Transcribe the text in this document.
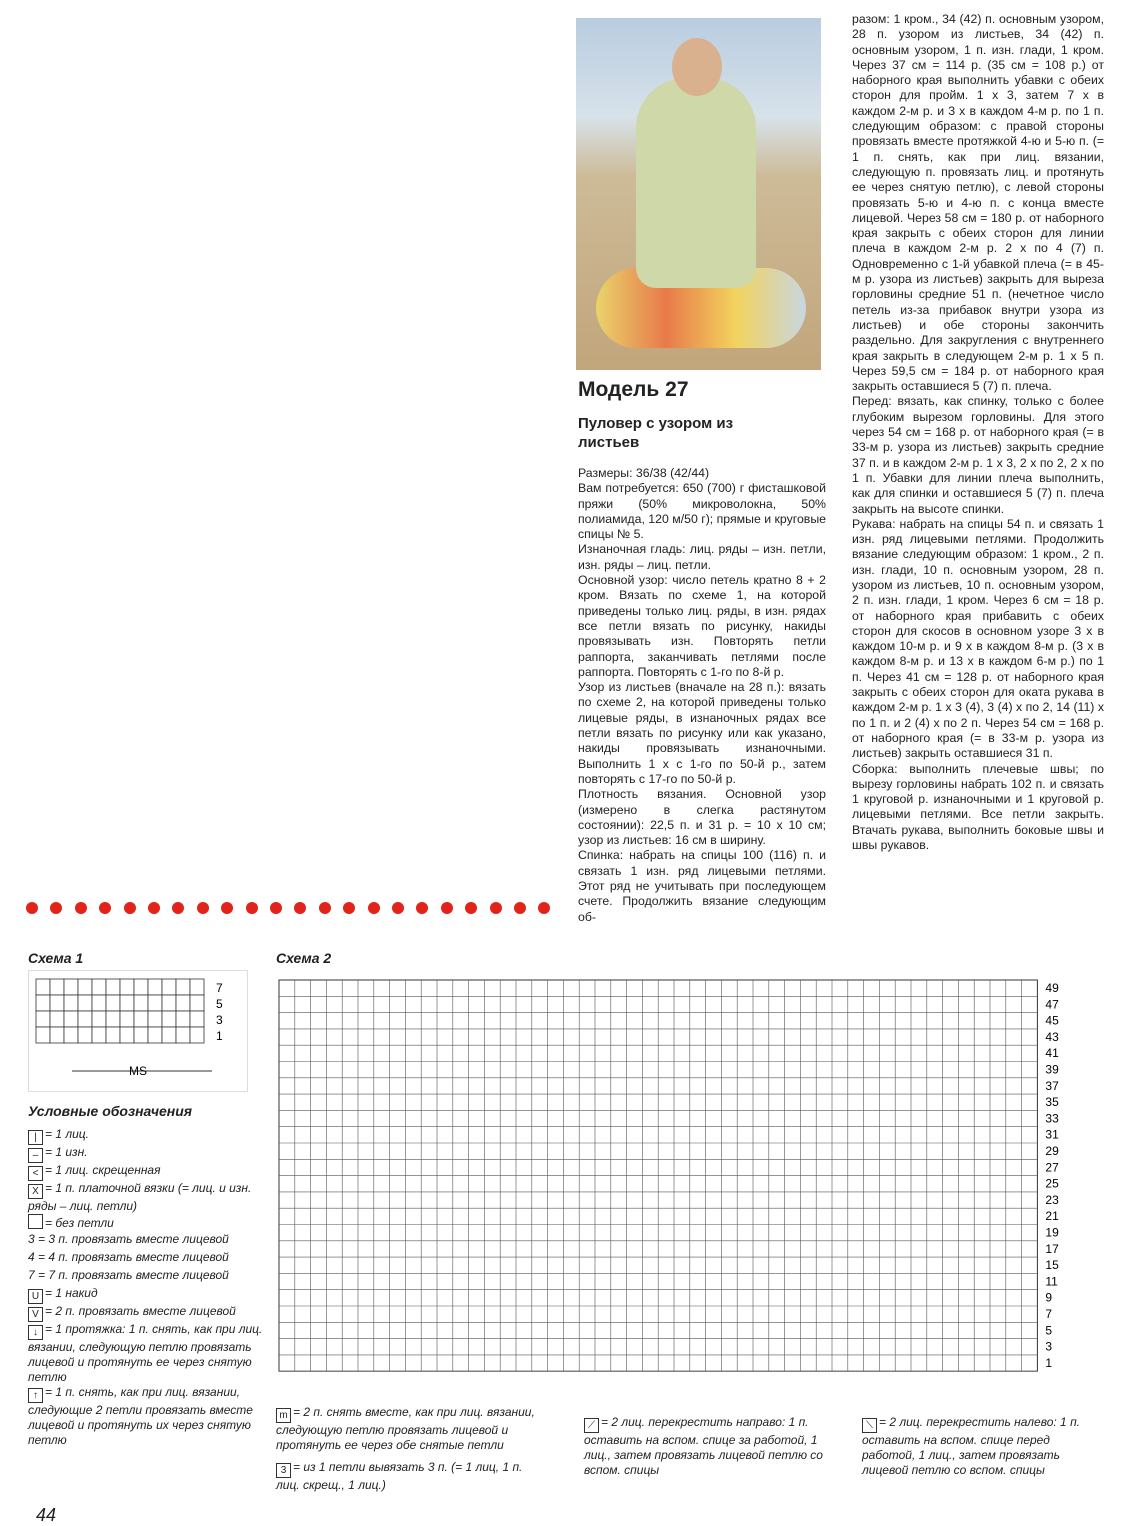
Модель 27
Пуловер с узором из листьев
Размеры: 36/38 (42/44)
Вам потребуется: 650 (700) г фисташковой пряжи (50% микроволокна, 50% полиамида, 120 м/50 г); прямые и круговые спицы № 5.
Изнаночная гладь: лиц. ряды – изн. петли, изн. ряды – лиц. петли.
Основной узор: число петель кратно 8 + 2 кром. Вязать по схеме 1, на которой приведены только лиц. ряды, в изн. рядах все петли вязать по рисунку, накиды провязывать изн. Повторять петли раппорта, заканчивать петлями после раппорта. Повторять с 1-го по 8-й р.
Узор из листьев (вначале на 28 п.): вязать по схеме 2, на которой приведены только лицевые ряды, в изнаночных рядах все петли вязать по рисунку или как указано, накиды провязывать изнаночными. Выполнить 1 х с 1-го по 50-й р., затем повторять с 17-го по 50-й р.
Плотность вязания. Основной узор (измерено в слегка растянутом состоянии): 22,5 п. и 31 р. = 10 х 10 см; узор из листьев: 16 см в ширину.
Спинка: набрать на спицы 100 (116) п. и связать 1 изн. ряд лицевыми петлями. Этот ряд не учитывать при последующем счете. Продолжить вязание следующим об-
разом: 1 кром., 34 (42) п. основным узором, 28 п. узором из листьев, 34 (42) п. основным узором, 1 п. изн. глади, 1 кром. Через 37 см = 114 р. (35 см = 108 р.) от наборного края выполнить убавки с обеих сторон для пройм. 1 х 3, затем 7 х в каждом 2-м р. и 3 х в каждом 4-м р. по 1 п. следующим образом: с правой стороны провязать вместе протяжкой 4-ю и 5-ю п. (= 1 п. снять, как при лиц. вязании, следующую п. провязать лиц. и протянуть ее через снятую петлю), с левой стороны провязать 5-ю и 4-ю п. с конца вместе лицевой. Через 58 см = 180 р. от наборного края закрыть с обеих сторон для линии плеча в каждом 2-м р. 2 х по 4 (7) п. Одновременно с 1-й убавкой плеча (= в 45-м р. узора из листьев) закрыть для выреза горловины средние 51 п. (нечетное число петель из-за прибавок внутри узора из листьев) и обе стороны закончить раздельно. Для закругления с внутреннего края закрыть в следующем 2-м р. 1 х 5 п. Через 59,5 см = 184 р. от наборного края закрыть оставшиеся 5 (7) п. плеча.
Перед: вязать, как спинку, только с более глубоким вырезом горловины. Для этого через 54 см = 168 р. от наборного края (= в 33-м р. узора из листьев) закрыть средние 37 п. и в каждом 2-м р. 1 х 3, 2 х по 2, 2 х по 1 п. Убавки для линии плеча выполнить, как для спинки и оставшиеся 5 (7) п. плеча закрыть на высоте спинки.
Рукава: набрать на спицы 54 п. и связать 1 изн. ряд лицевыми петлями. Продолжить вязание следующим образом: 1 кром., 2 п. изн. глади, 10 п. основным узором, 28 п. узором из листьев, 10 п. основным узором, 2 п. изн. глади, 1 кром. Через 6 см = 18 р. от наборного края прибавить с обеих сторон для скосов в основном узоре 3 х в каждом 10-м р. и 9 х в каждом 8-м р. (3 х в каждом 8-м р. и 13 х в каждом 6-м р.) по 1 п. Через 41 см = 128 р. от наборного края закрыть с обеих сторон для оката рукава в каждом 2-м р. 1 х 3 (4), 3 (4) х по 2, 14 (11) х по 1 п. и 2 (4) х по 2 п. Через 54 см = 168 р. от наборного края (= в 33-м р. узора из листьев) закрыть оставшиеся 31 п.
Сборка: выполнить плечевые швы; по вырезу горловины набрать 102 п. и связать 1 круговой р. изнаночными и 1 круговой р. лицевыми петлями. Все петли закрыть. Втачать рукава, выполнить боковые швы и швы рукавов.
Схема 1	Схема 2
7
5
3
1
MS
49
47
45
43
41
39
37
35
33
31
29
27
25
23
21
19
17
15
11
9
7
5
3
1
Условные обозначения
| = 1 лиц.
– = 1 изн.
< = 1 лиц. скрещенная
X = 1 п. платочной вязки (= лиц. и изн. ряды – лиц. петли)
= без петли
3 = 3 п. провязать вместе лицевой
4 = 4 п. провязать вместе лицевой
7 = 7 п. провязать вместе лицевой
U = 1 накид
V = 2 п. провязать вместе лицевой
↓ = 1 протяжка: 1 п. снять, как при лиц. вязании, следующую петлю провязать лицевой и протянуть ее через снятую петлю
↑ = 1 п. снять, как при лиц. вязании, следующие 2 петли провязать вместе лицевой и протянуть их через снятую петлю
m = 2 п. снять вместе, как при лиц. вязании, следующую петлю провязать лицевой и протянуть ее через обе снятые петли
3 = из 1 петли вывязать 3 п. (= 1 лиц, 1 п. лиц. скрещ., 1 лиц.)
⟋ = 2 лиц. перекрестить направо: 1 п. оставить на вспом. спице за работой, 1 лиц., затем провязать лицевой петлю со вспом. спицы
⟍ = 2 лиц. перекрестить налево: 1 п. оставить на вспом. спице перед работой, 1 лиц., затем провязать лицевой петлю со вспом. спицы
44
